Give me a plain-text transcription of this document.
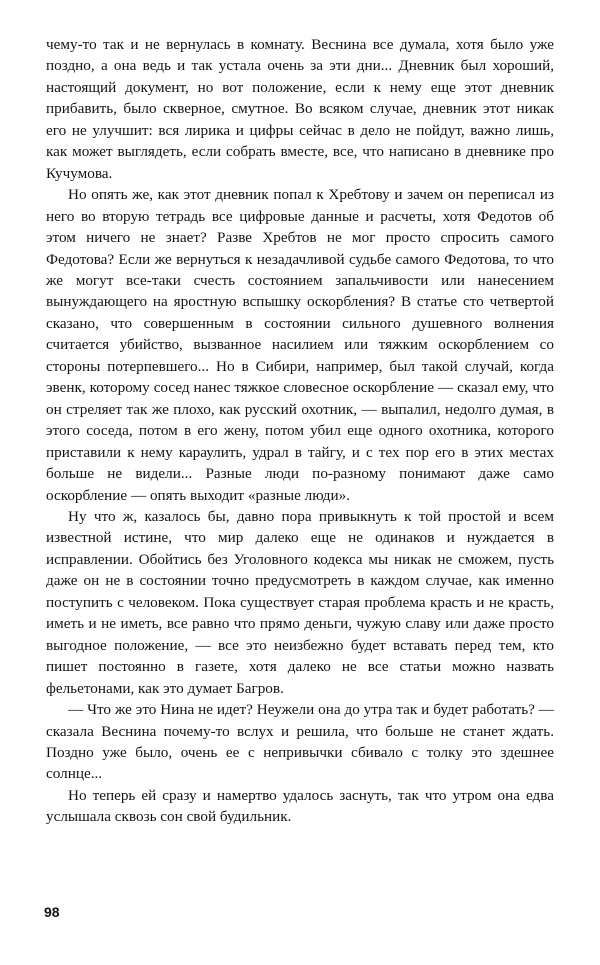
чему-то так и не вернулась в комнату. Веснина все думала, хотя было уже поздно, а она ведь и так устала очень за эти дни... Дневник был хороший, настоящий документ, но вот положение, если к нему еще этот дневник прибавить, было скверное, смутное. Во всяком случае, дневник этот никак его не улучшит: вся лирика и цифры сейчас в дело не пойдут, важно лишь, как может выглядеть, если собрать вместе, все, что написано в дневнике про Кучумова.

Но опять же, как этот дневник попал к Хребтову и зачем он переписал из него во вторую тетрадь все цифровые данные и расчеты, хотя Федотов об этом ничего не знает? Разве Хребтов не мог просто спросить самого Федотова? Если же вернуться к незадачливой судьбе самого Федотова, то что же могут все-таки счесть состоянием запальчивости или нанесением вынуждающего на яростную вспышку оскорбления? В статье сто четвертой сказано, что совершенным в состоянии сильного душевного волнения считается убийство, вызванное насилием или тяжким оскорблением со стороны потерпевшего... Но в Сибири, например, был такой случай, когда эвенк, которому сосед нанес тяжкое словесное оскорбление — сказал ему, что он стреляет так же плохо, как русский охотник, — выпалил, недолго думая, в этого соседа, потом в его жену, потом убил еще одного охотника, которого приставили к нему караулить, удрал в тайгу, и с тех пор его в этих местах больше не видели... Разные люди по-разному понимают даже само оскорбление — опять выходит «разные люди».

Ну что ж, казалось бы, давно пора привыкнуть к той простой и всем известной истине, что мир далеко еще не одинаков и нуждается в исправлении. Обойтись без Уголовного кодекса мы никак не сможем, пусть даже он не в состоянии точно предусмотреть в каждом случае, как именно поступить с человеком. Пока существует старая проблема красть и не красть, иметь и не иметь, все равно что прямо деньги, чужую славу или даже просто выгодное положение, — все это неизбежно будет вставать перед тем, кто пишет постоянно в газете, хотя далеко не все статьи можно назвать фельетонами, как это думает Багров.

— Что же это Нина не идет? Неужели она до утра так и будет работать? — сказала Веснина почему-то вслух и решила, что больше не станет ждать. Поздно уже было, очень ее с непривычки сбивало с толку это здешнее солнце...

Но теперь ей сразу и намертво удалось заснуть, так что утром она едва услышала сквозь сон свой будильник.

98
